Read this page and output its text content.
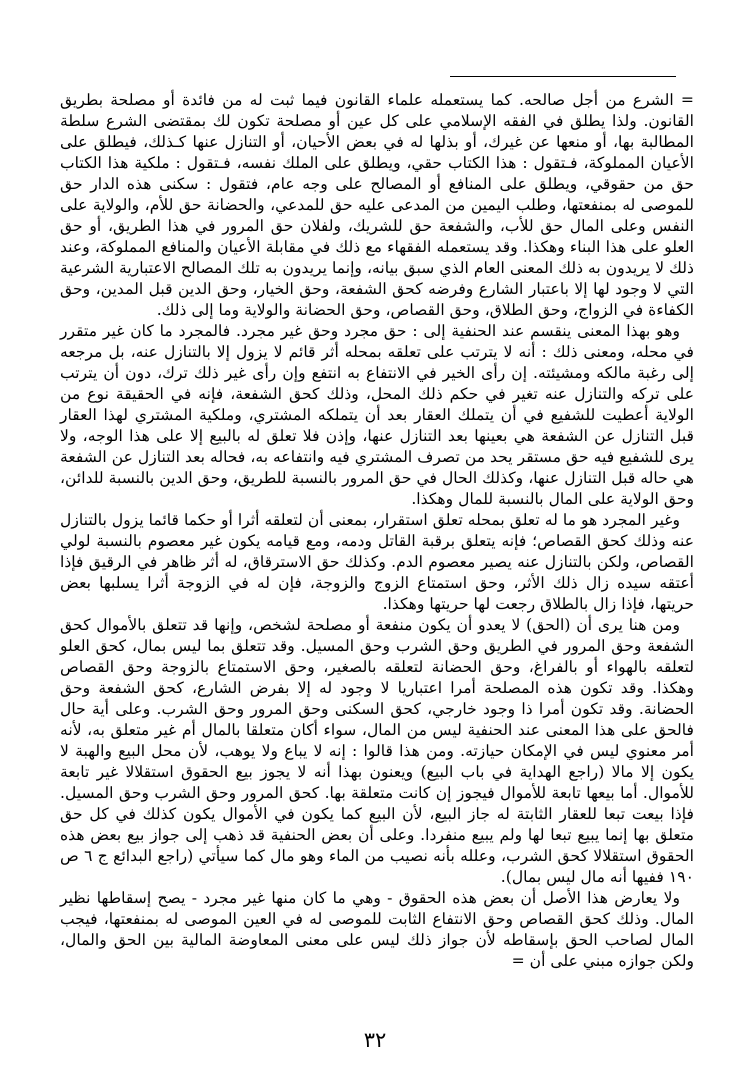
= الشرع من أجل صالحه. كما يستعمله علماء القانون فيما ثبت له من فائدة أو مصلحة بطريق القانون. ولذا يطلق في الفقه الإسلامي على كل عين أو مصلحة تكون لك بمقتضى الشرع سلطة المطالبة بها، أو منعها عن غيرك، أو بذلها له في بعض الأحيان، أو التنازل عنها كـذلك، فيطلق على الأعيان المملوكة، فـتقول : هذا الكتاب حقي، ويطلق على الملك نفسه، فـتقول : ملكية هذا الكتاب حق من حقوقي، ويطلق على المنافع أو المصالح على وجه عام، فتقول : سكنى هذه الدار حق للموصى له بمنفعتها، وطلب اليمين من المدعى عليه حق للمدعي، والحضانة حق للأم، والولاية على النفس وعلى المال حق للأب، والشفعة حق للشريك، ولفلان حق المرور في هذا الطريق، أو حق العلو على هذا البناء وهكذا. وقد يستعمله الفقهاء مع ذلك في مقابلة الأعيان والمنافع المملوكة، وعند ذلك لا يريدون به ذلك المعنى العام الذي سبق بيانه، وإنما يريدون به تلك المصالح الاعتبارية الشرعية التي لا وجود لها إلا باعتبار الشارع وفرضه كحق الشفعة، وحق الخيار، وحق الدين قبل المدين، وحق الكفاءة في الزواج، وحق الطلاق، وحق القصاص، وحق الحضانة والولاية وما إلى ذلك.

وهو بهذا المعنى ينقسم عند الحنفية إلى : حق مجرد وحق غير مجرد. فالمجرد ما كان غير متقرر في محله، ومعنى ذلك : أنه لا يترتب على تعلقه بمحله أثر قائم لا يزول إلا بالتنازل عنه، بل مرجعه إلى رغبة مالكه ومشيئته. إن رأى الخير في الانتفاع به انتفع وإن رأى غير ذلك ترك، دون أن يترتب على تركه والتنازل عنه تغير في حكم ذلك المحل، وذلك كحق الشفعة، فإنه في الحقيقة نوع من الولاية أعطيت للشفيع في أن يتملك العقار بعد أن يتملكه المشتري، وملكية المشتري لهذا العقار قبل التنازل عن الشفعة هي بعينها بعد التنازل عنها، وإذن فلا تعلق له بالبيع إلا على هذا الوجه، ولا يرى للشفيع فيه حق مستقر يحد من تصرف المشتري فيه وانتفاعه به، فحاله بعد التنازل عن الشفعة هي حاله قبل التنازل عنها، وكذلك الحال في حق المرور بالنسبة للطريق، وحق الدين بالنسبة للدائن، وحق الولاية على المال بالنسبة للمال وهكذا.

وغير المجرد هو ما له تعلق بمحله تعلق استقرار، بمعنى أن لتعلقه أثرا أو حكما قائما يزول بالتنازل عنه وذلك كحق القصاص؛ فإنه يتعلق برقبة القاتل ودمه، ومع قيامه يكون غير معصوم بالنسبة لولي القصاص، ولكن بالتنازل عنه يصير معصوم الدم. وكذلك حق الاسترقاق، له أثر ظاهر في الرقيق فإذا أعتقه سيده زال ذلك الأثر، وحق استمتاع الزوج والزوجة، فإن له في الزوجة أثرا يسلبها بعض حريتها، فإذا زال بالطلاق رجعت لها حريتها وهكذا.

ومن هنا يرى أن (الحق) لا يعدو أن يكون منفعة أو مصلحة لشخص، وإنها قد تتعلق بالأموال كحق الشفعة وحق المرور في الطريق وحق الشرب وحق المسيل. وقد تتعلق بما ليس بمال، كحق العلو لتعلقه بالهواء أو بالفراغ، وحق الحضانة لتعلقه بالصغير، وحق الاستمتاع بالزوجة وحق القصاص وهكذا. وقد تكون هذه المصلحة أمرا اعتباريا لا وجود له إلا بفرض الشارع، كحق الشفعة وحق الحضانة. وقد تكون أمرا ذا وجود خارجي، كحق السكنى وحق المرور وحق الشرب. وعلى أية حال فالحق على هذا المعنى عند الحنفية ليس من المال، سواء أكان متعلقا بالمال أم غير متعلق به، لأنه أمر معنوي ليس في الإمكان حيازته. ومن هذا قالوا : إنه لا يباع ولا يوهب، لأن محل البيع والهبة لا يكون إلا مالا (راجع الهداية في باب البيع) ويعنون بهذا أنه لا يجوز بيع الحقوق استقلالا غير تابعة للأموال. أما بيعها تابعة للأموال فيجوز إن كانت متعلقة بها. كحق المرور وحق الشرب وحق المسيل. فإذا بيعت تبعا للعقار الثابتة له جاز البيع، لأن البيع كما يكون في الأموال يكون كذلك في كل حق متعلق بها إنما يبيع تبعا لها ولم يبيع منفردا. وعلى أن بعض الحنفية قد ذهب إلى جواز بيع بعض هذه الحقوق استقلالا كحق الشرب، وعلله بأنه نصيب من الماء وهو مال كما سيأتي (راجع البدائع ج ٦ ص ١٩٠ ففيها أنه مال ليس بمال).

ولا يعارض هذا الأصل أن بعض هذه الحقوق - وهي ما كان منها غير مجرد - يصح إسقاطها نظير المال. وذلك كحق القصاص وحق الانتفاع الثابت للموصى له في العين الموصى له بمنفعتها، فيجب المال لصاحب الحق بإسقاطه لأن جواز ذلك ليس على معنى المعاوضة المالية بين الحق والمال، ولكن جوازه مبني على أن =

٣٢
